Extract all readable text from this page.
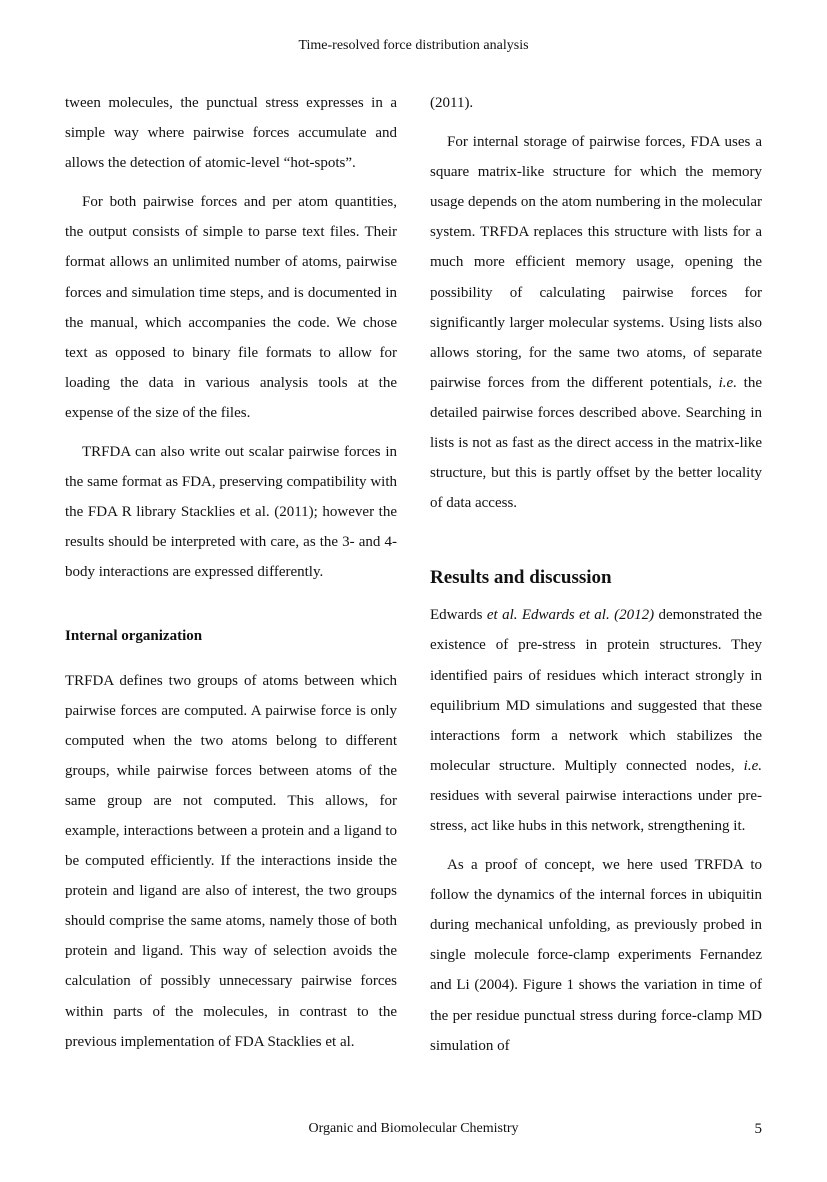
Time-resolved force distribution analysis

tween molecules, the punctual stress expresses in a simple way where pairwise forces accumulate and allows the detection of atomic-level “hot-spots”.

For both pairwise forces and per atom quantities, the output consists of simple to parse text files. Their format allows an unlimited number of atoms, pairwise forces and simulation time steps, and is documented in the manual, which accompanies the code. We chose text as opposed to binary file formats to allow for loading the data in various analysis tools at the expense of the size of the files.

TRFDA can also write out scalar pairwise forces in the same format as FDA, preserving compatibility with the FDA R library Stacklies et al. (2011); however the results should be interpreted with care, as the 3- and 4-body interactions are expressed differently.

Internal organization

TRFDA defines two groups of atoms between which pairwise forces are computed. A pairwise force is only computed when the two atoms belong to different groups, while pairwise forces between atoms of the same group are not computed. This allows, for example, interactions between a protein and a ligand to be computed efficiently. If the interactions inside the protein and ligand are also of interest, the two groups should comprise the same atoms, namely those of both protein and ligand. This way of selection avoids the calculation of possibly unnecessary pairwise forces within parts of the molecules, in contrast to the previous implementation of FDA Stacklies et al.

(2011).

For internal storage of pairwise forces, FDA uses a square matrix-like structure for which the memory usage depends on the atom numbering in the molecular system. TRFDA replaces this structure with lists for a much more efficient memory usage, opening the possibility of calculating pairwise forces for significantly larger molecular systems. Using lists also allows storing, for the same two atoms, of separate pairwise forces from the different potentials, i.e. the detailed pairwise forces described above. Searching in lists is not as fast as the direct access in the matrix-like structure, but this is partly offset by the better locality of data access.

Results and discussion

Edwards et al. Edwards et al. (2012) demonstrated the existence of pre-stress in protein structures. They identified pairs of residues which interact strongly in equilibrium MD simulations and suggested that these interactions form a network which stabilizes the molecular structure. Multiply connected nodes, i.e. residues with several pairwise interactions under pre-stress, act like hubs in this network, strengthening it.

As a proof of concept, we here used TRFDA to follow the dynamics of the internal forces in ubiquitin during mechanical unfolding, as previously probed in single molecule force-clamp experiments Fernandez and Li (2004). Figure 1 shows the variation in time of the per residue punctual stress during force-clamp MD simulation of

Organic and Biomolecular Chemistry	5
